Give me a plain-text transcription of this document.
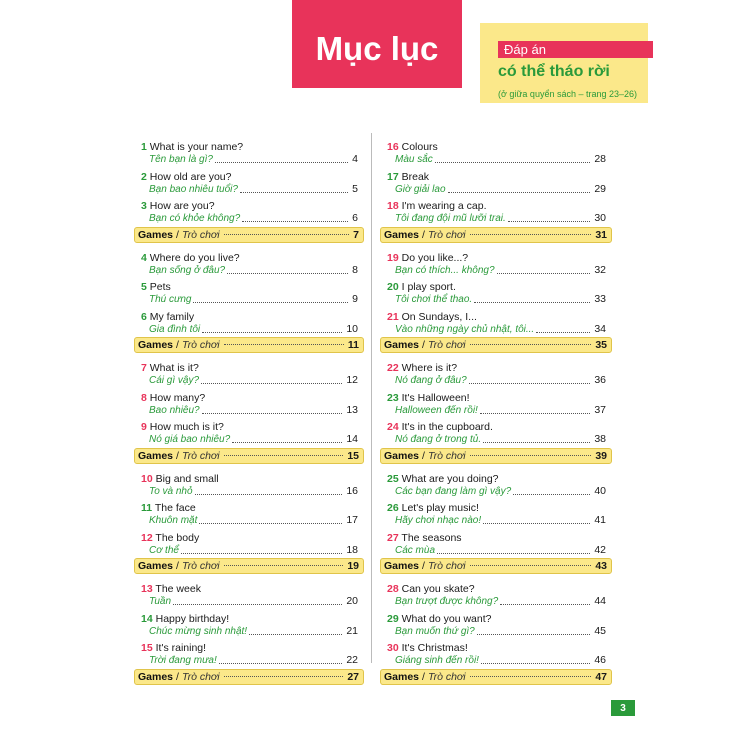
Mục lục	Đáp án
có thể tháo rời
(ở giữa quyển sách – trang 23–26)
1 What is your name?
Tên bạn là gì?	4
2 How old are you?
Bạn bao nhiêu tuổi?	5
3 How are you?
Bạn có khỏe không?	6
Games / Trò chơi	7
4 Where do you live?
Bạn sống ở đâu?	8
5 Pets
Thú cưng	9
6 My family
Gia đình tôi	10
Games / Trò chơi	11
7 What is it?
Cái gì vậy?	12
8 How many?
Bao nhiêu?	13
9 How much is it?
Nó giá bao nhiêu?	14
Games / Trò chơi	15
10 Big and small
To và nhỏ	16
11 The face
Khuôn mặt	17
12 The body
Cơ thể	18
Games / Trò chơi	19
13 The week
Tuần	20
14 Happy birthday!
Chúc mừng sinh nhật!	21
15 It's raining!
Trời đang mưa!	22
Games / Trò chơi	27
16 Colours
Màu sắc	28
17 Break
Giờ giải lao	29
18 I'm wearing a cap.
Tôi đang đội mũ lưỡi trai.	30
Games / Trò chơi	31
19 Do you like...?
Bạn có thích... không?	32
20 I play sport.
Tôi chơi thể thao.	33
21 On Sundays, I...
Vào những ngày chủ nhật, tôi...	34
Games / Trò chơi	35
22 Where is it?
Nó đang ở đâu?	36
23 It's Halloween!
Halloween đến rồi!	37
24 It's in the cupboard.
Nó đang ở trong tủ.	38
Games / Trò chơi	39
25 What are you doing?
Các bạn đang làm gì vậy?	40
26 Let's play music!
Hãy chơi nhạc nào!	41
27 The seasons
Các mùa	42
Games / Trò chơi	43
28 Can you skate?
Bạn trượt được không?	44
29 What do you want?
Bạn muốn thứ gì?	45
30 It's Christmas!
Giáng sinh đến rồi!	46
Games / Trò chơi	47
3
